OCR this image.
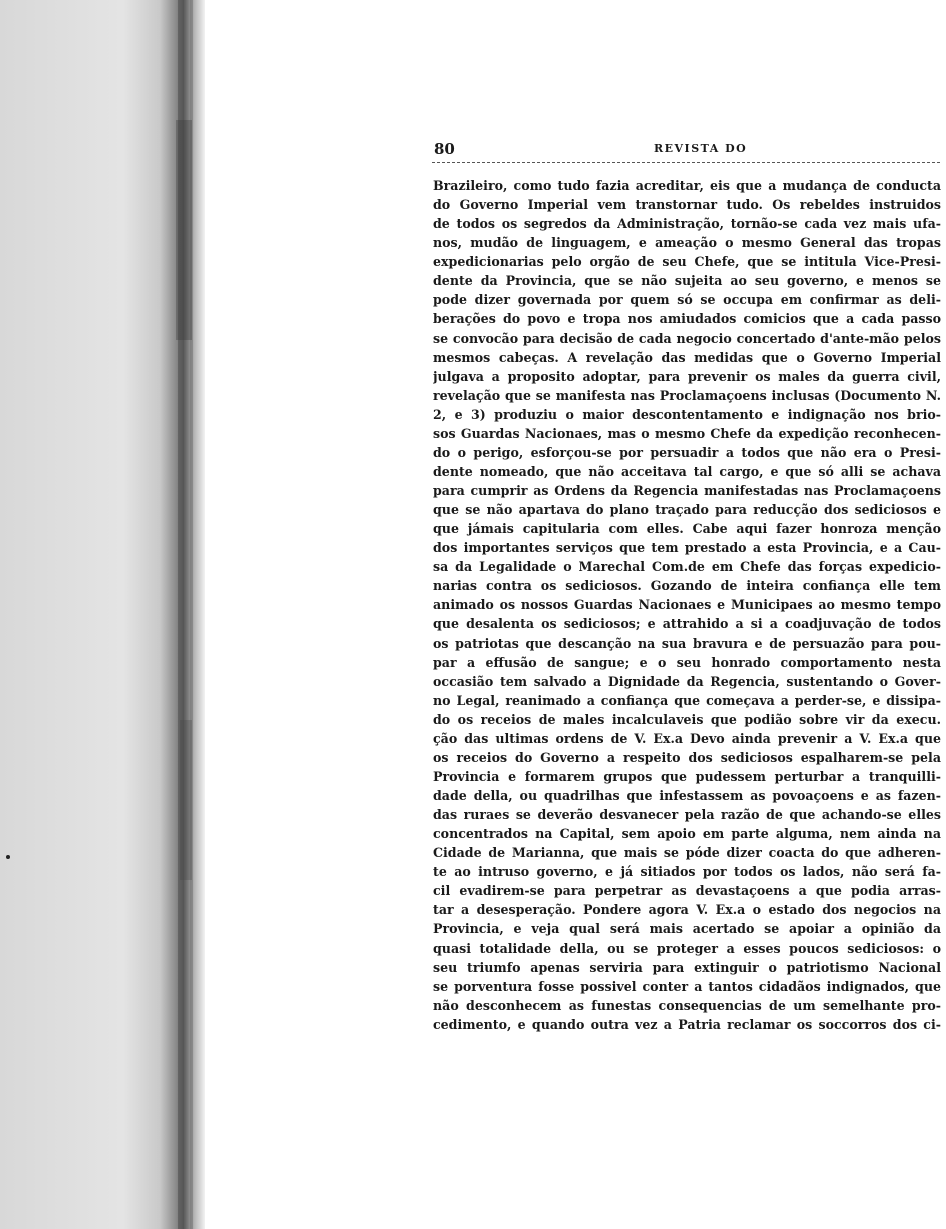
80	REVISTA DO
Brazileiro, como tudo fazia acreditar, eis que a mudança de conducta
do Governo Imperial vem transtornar tudo. Os rebeldes instruidos
de todos os segredos da Administração, tornão-se cada vez mais ufa-
nos, mudão de linguagem, e ameação o mesmo General das tropas
expedicionarias pelo orgão de seu Chefe, que se intitula Vice-Presi-
dente da Provincia, que se não sujeita ao seu governo, e menos se
pode dizer governada por quem só se occupa em confirmar as deli-
berações do povo e tropa nos amiudados comicios que a cada passo
se convocão para decisão de cada negocio concertado d'ante-mão pelos
mesmos cabeças. A revelação das medidas que o Governo Imperial
julgava a proposito adoptar, para prevenir os males da guerra civil,
revelação que se manifesta nas Proclamaçoens inclusas (Documento N.
2, e 3) produziu o maior descontentamento e indignação nos brio-
sos Guardas Nacionaes, mas o mesmo Chefe da expedição reconhecen-
do o perigo, esforçou-se por persuadir a todos que não era o Presi-
dente nomeado, que não acceitava tal cargo, e que só alli se achava
para cumprir as Ordens da Regencia manifestadas nas Proclamaçoens
que se não apartava do plano traçado para reducção dos sediciosos e
que jámais capitularia com elles. Cabe aqui fazer honroza menção
dos importantes serviços que tem prestado a esta Provincia, e a Cau-
sa da Legalidade o Marechal Com.de em Chefe das forças expedicio-
narias contra os sediciosos. Gozando de inteira confiança elle tem
animado os nossos Guardas Nacionaes e Municipaes ao mesmo tempo
que desalenta os sediciosos; e attrahido a si a coadjuvação de todos
os patriotas que descanção na sua bravura e de persuazão para pou-
par a effusão de sangue; e o seu honrado comportamento nesta
occasião tem salvado a Dignidade da Regencia, sustentando o Gover-
no Legal, reanimado a confiança que começava a perder-se, e dissipa-
do os receios de males incalculaveis que podião sobre vir da execu.
ção das ultimas ordens de V. Ex.a Devo ainda prevenir a V. Ex.a que
os receios do Governo a respeito dos sediciosos espalharem-se pela
Provincia e formarem grupos que pudessem perturbar a tranquilli-
dade della, ou quadrilhas que infestassem as povoaçoens e as fazen-
das ruraes se deverão desvanecer pela razão de que achando-se elles
concentrados na Capital, sem apoio em parte alguma, nem ainda na
Cidade de Marianna, que mais se póde dizer coacta do que adheren-
te ao intruso governo, e já sitiados por todos os lados, não será fa-
cil evadirem-se para perpetrar as devastaçoens a que podia arras-
tar a desesperação. Pondere agora V. Ex.a o estado dos negocios na
Provincia, e veja qual será mais acertado se apoiar a opinião da
quasi totalidade della, ou se proteger a esses poucos sediciosos: o
seu triumfo apenas serviria para extinguir o patriotismo Nacional
se porventura fosse possivel conter a tantos cidadãos indignados, que
não desconhecem as funestas consequencias de um semelhante pro-
cedimento, e quando outra vez a Patria reclamar os soccorros dos ci-
